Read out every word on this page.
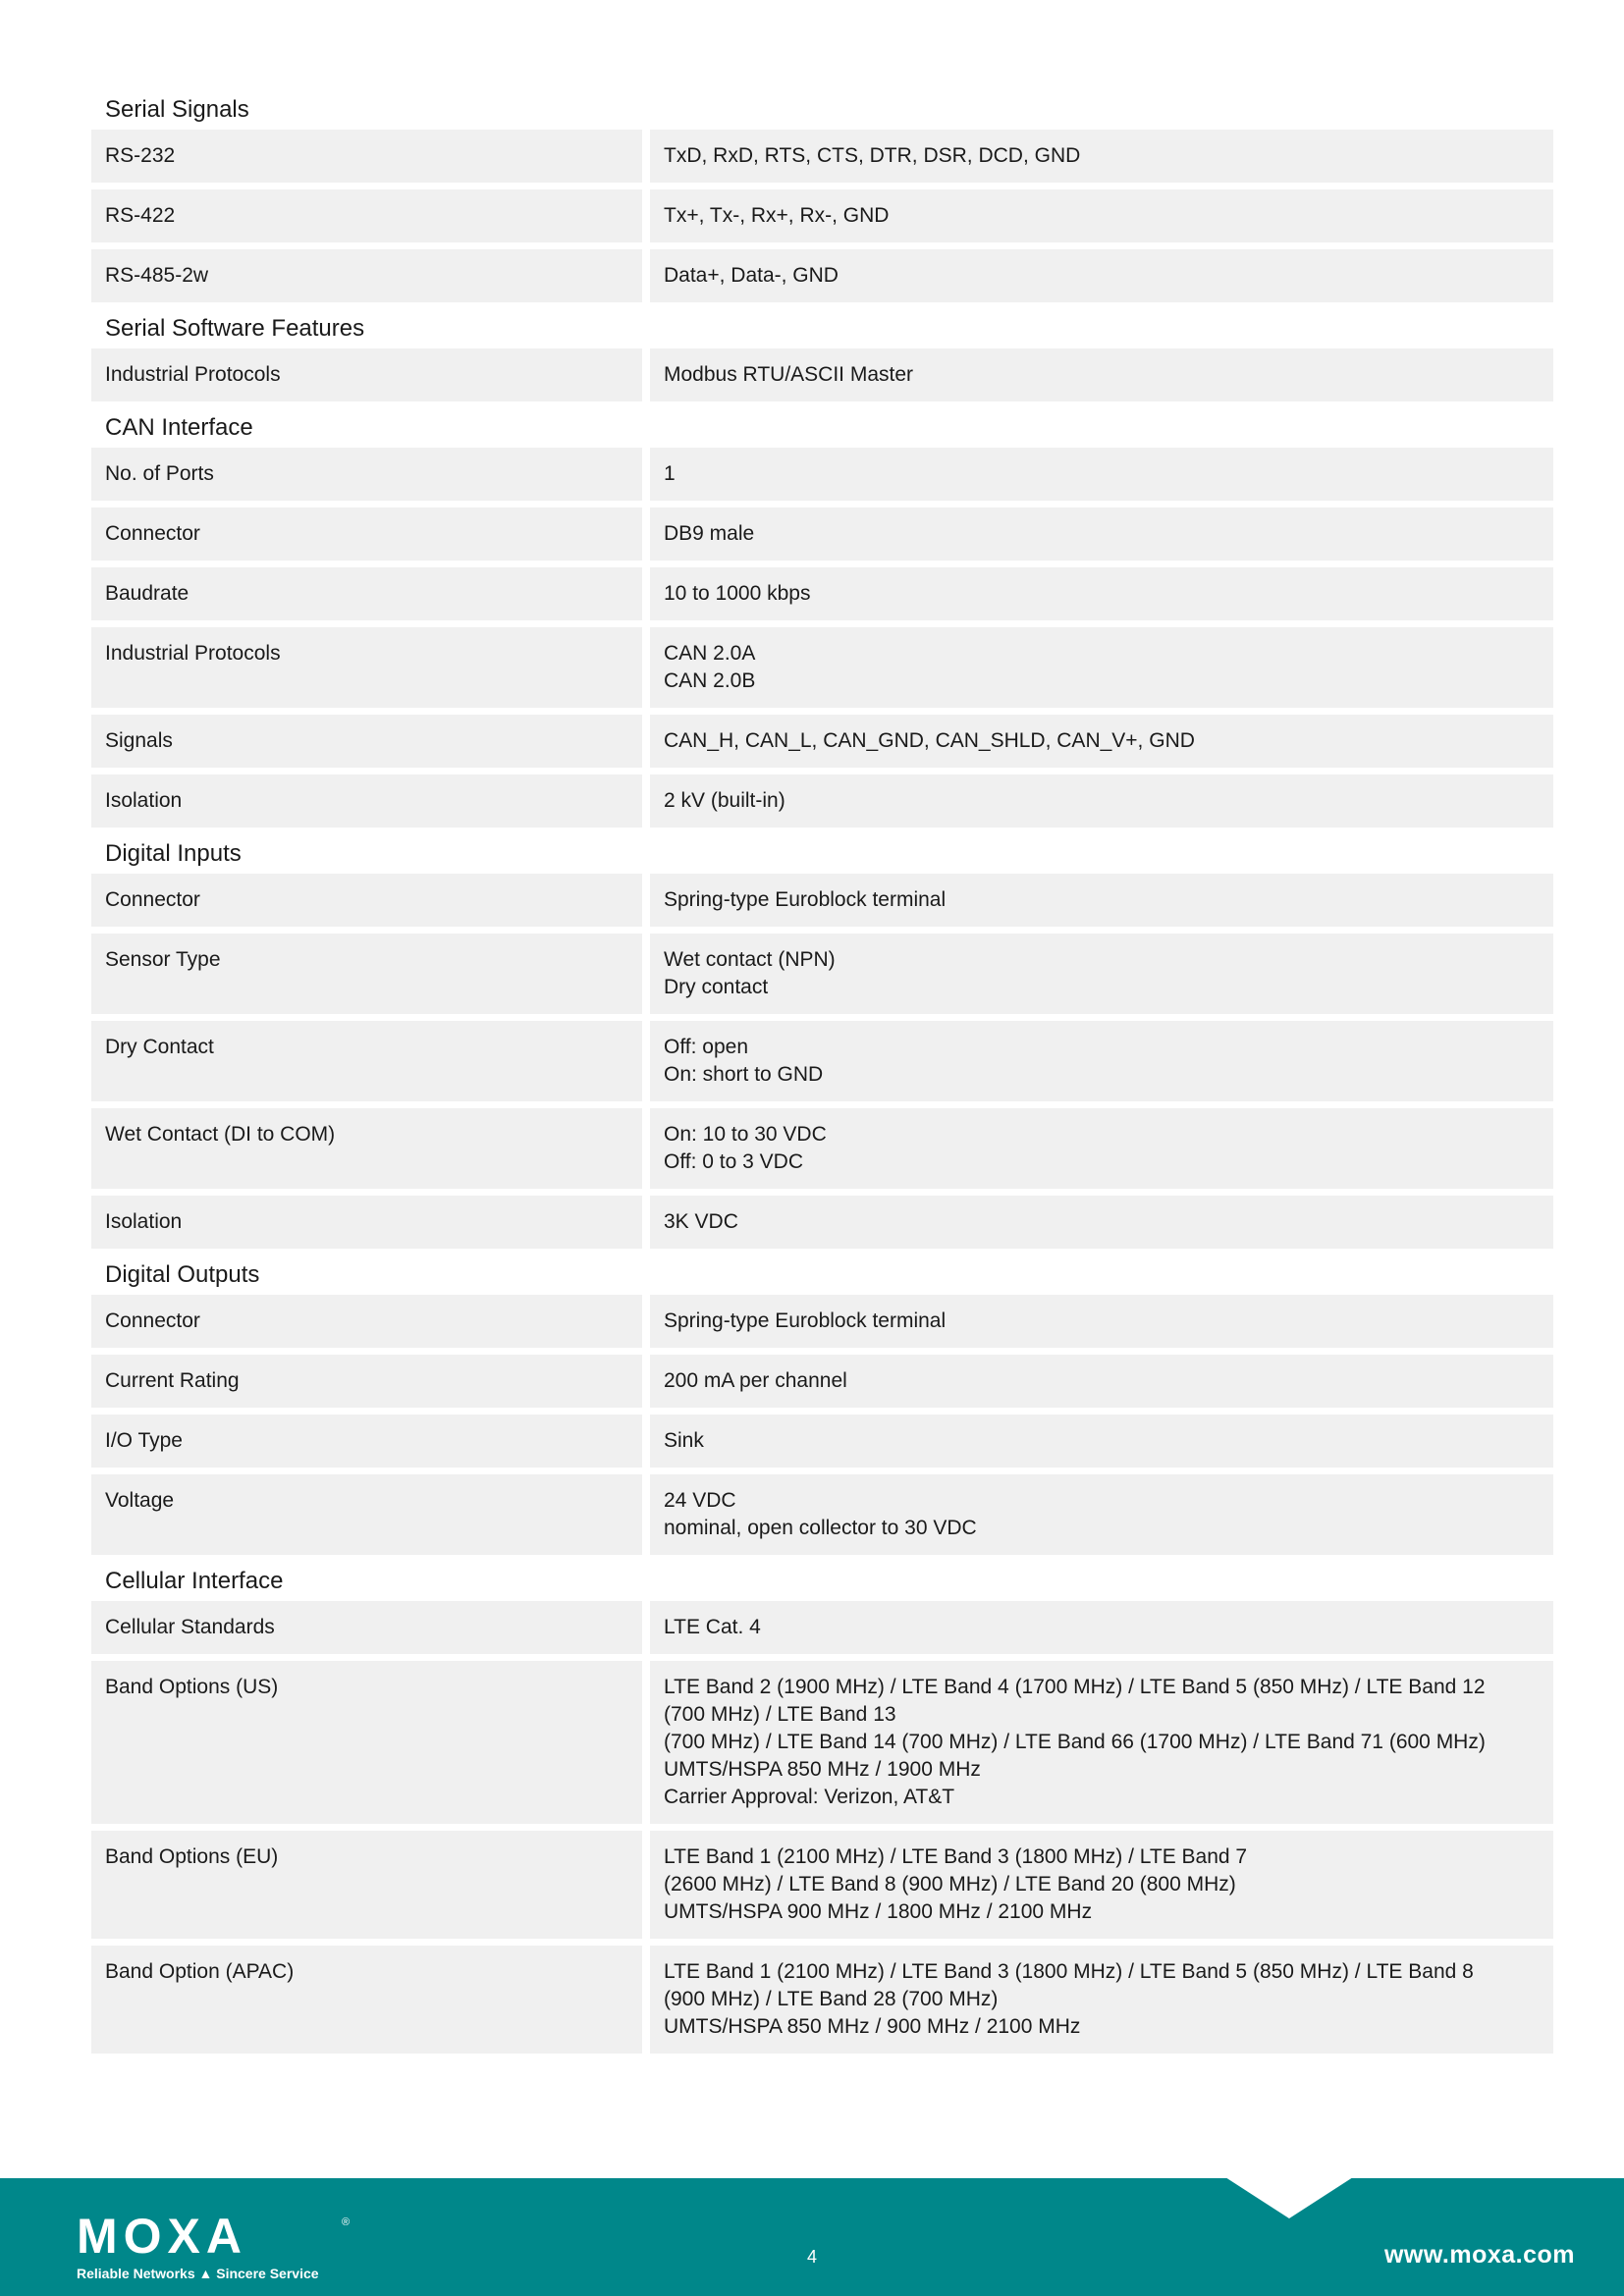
Serial Signals
RS-232	TxD, RxD, RTS, CTS, DTR, DSR, DCD, GND
RS-422	Tx+, Tx-, Rx+, Rx-, GND
RS-485-2w	Data+, Data-, GND
Serial Software Features
Industrial Protocols	Modbus RTU/ASCII Master
CAN Interface
No. of Ports	1
Connector	DB9 male
Baudrate	10 to 1000 kbps
Industrial Protocols	CAN 2.0A
CAN 2.0B
Signals	CAN_H, CAN_L, CAN_GND, CAN_SHLD, CAN_V+, GND
Isolation	2 kV (built-in)
Digital Inputs
Connector	Spring-type Euroblock terminal
Sensor Type	Wet contact (NPN)
Dry contact
Dry Contact	Off: open
On: short to GND
Wet Contact (DI to COM)	On: 10 to 30 VDC
Off: 0 to 3 VDC
Isolation	3K VDC
Digital Outputs
Connector	Spring-type Euroblock terminal
Current Rating	200 mA per channel
I/O Type	Sink
Voltage	24 VDC
nominal, open collector to 30 VDC
Cellular Interface
Cellular Standards	LTE Cat. 4
Band Options (US)	LTE Band 2 (1900 MHz) / LTE Band 4 (1700 MHz) / LTE Band 5 (850 MHz) / LTE Band 12
(700 MHz) / LTE Band 13
(700 MHz) / LTE Band 14 (700 MHz) / LTE Band 66 (1700 MHz) / LTE Band 71 (600 MHz)
UMTS/HSPA 850 MHz / 1900 MHz
Carrier Approval: Verizon, AT&T
Band Options (EU)	LTE Band 1 (2100 MHz) / LTE Band 3 (1800 MHz) / LTE Band 7
(2600 MHz) / LTE Band 8 (900 MHz) / LTE Band 20 (800 MHz)
UMTS/HSPA 900 MHz / 1800 MHz / 2100 MHz
Band Option (APAC)	LTE Band 1 (2100 MHz) / LTE Band 3 (1800 MHz) / LTE Band 5 (850 MHz) / LTE Band 8
(900 MHz) / LTE Band 28 (700 MHz)
UMTS/HSPA 850 MHz / 900 MHz / 2100 MHz
MOXA	®
Reliable Networks ▲ Sincere Service
4	www.moxa.com
